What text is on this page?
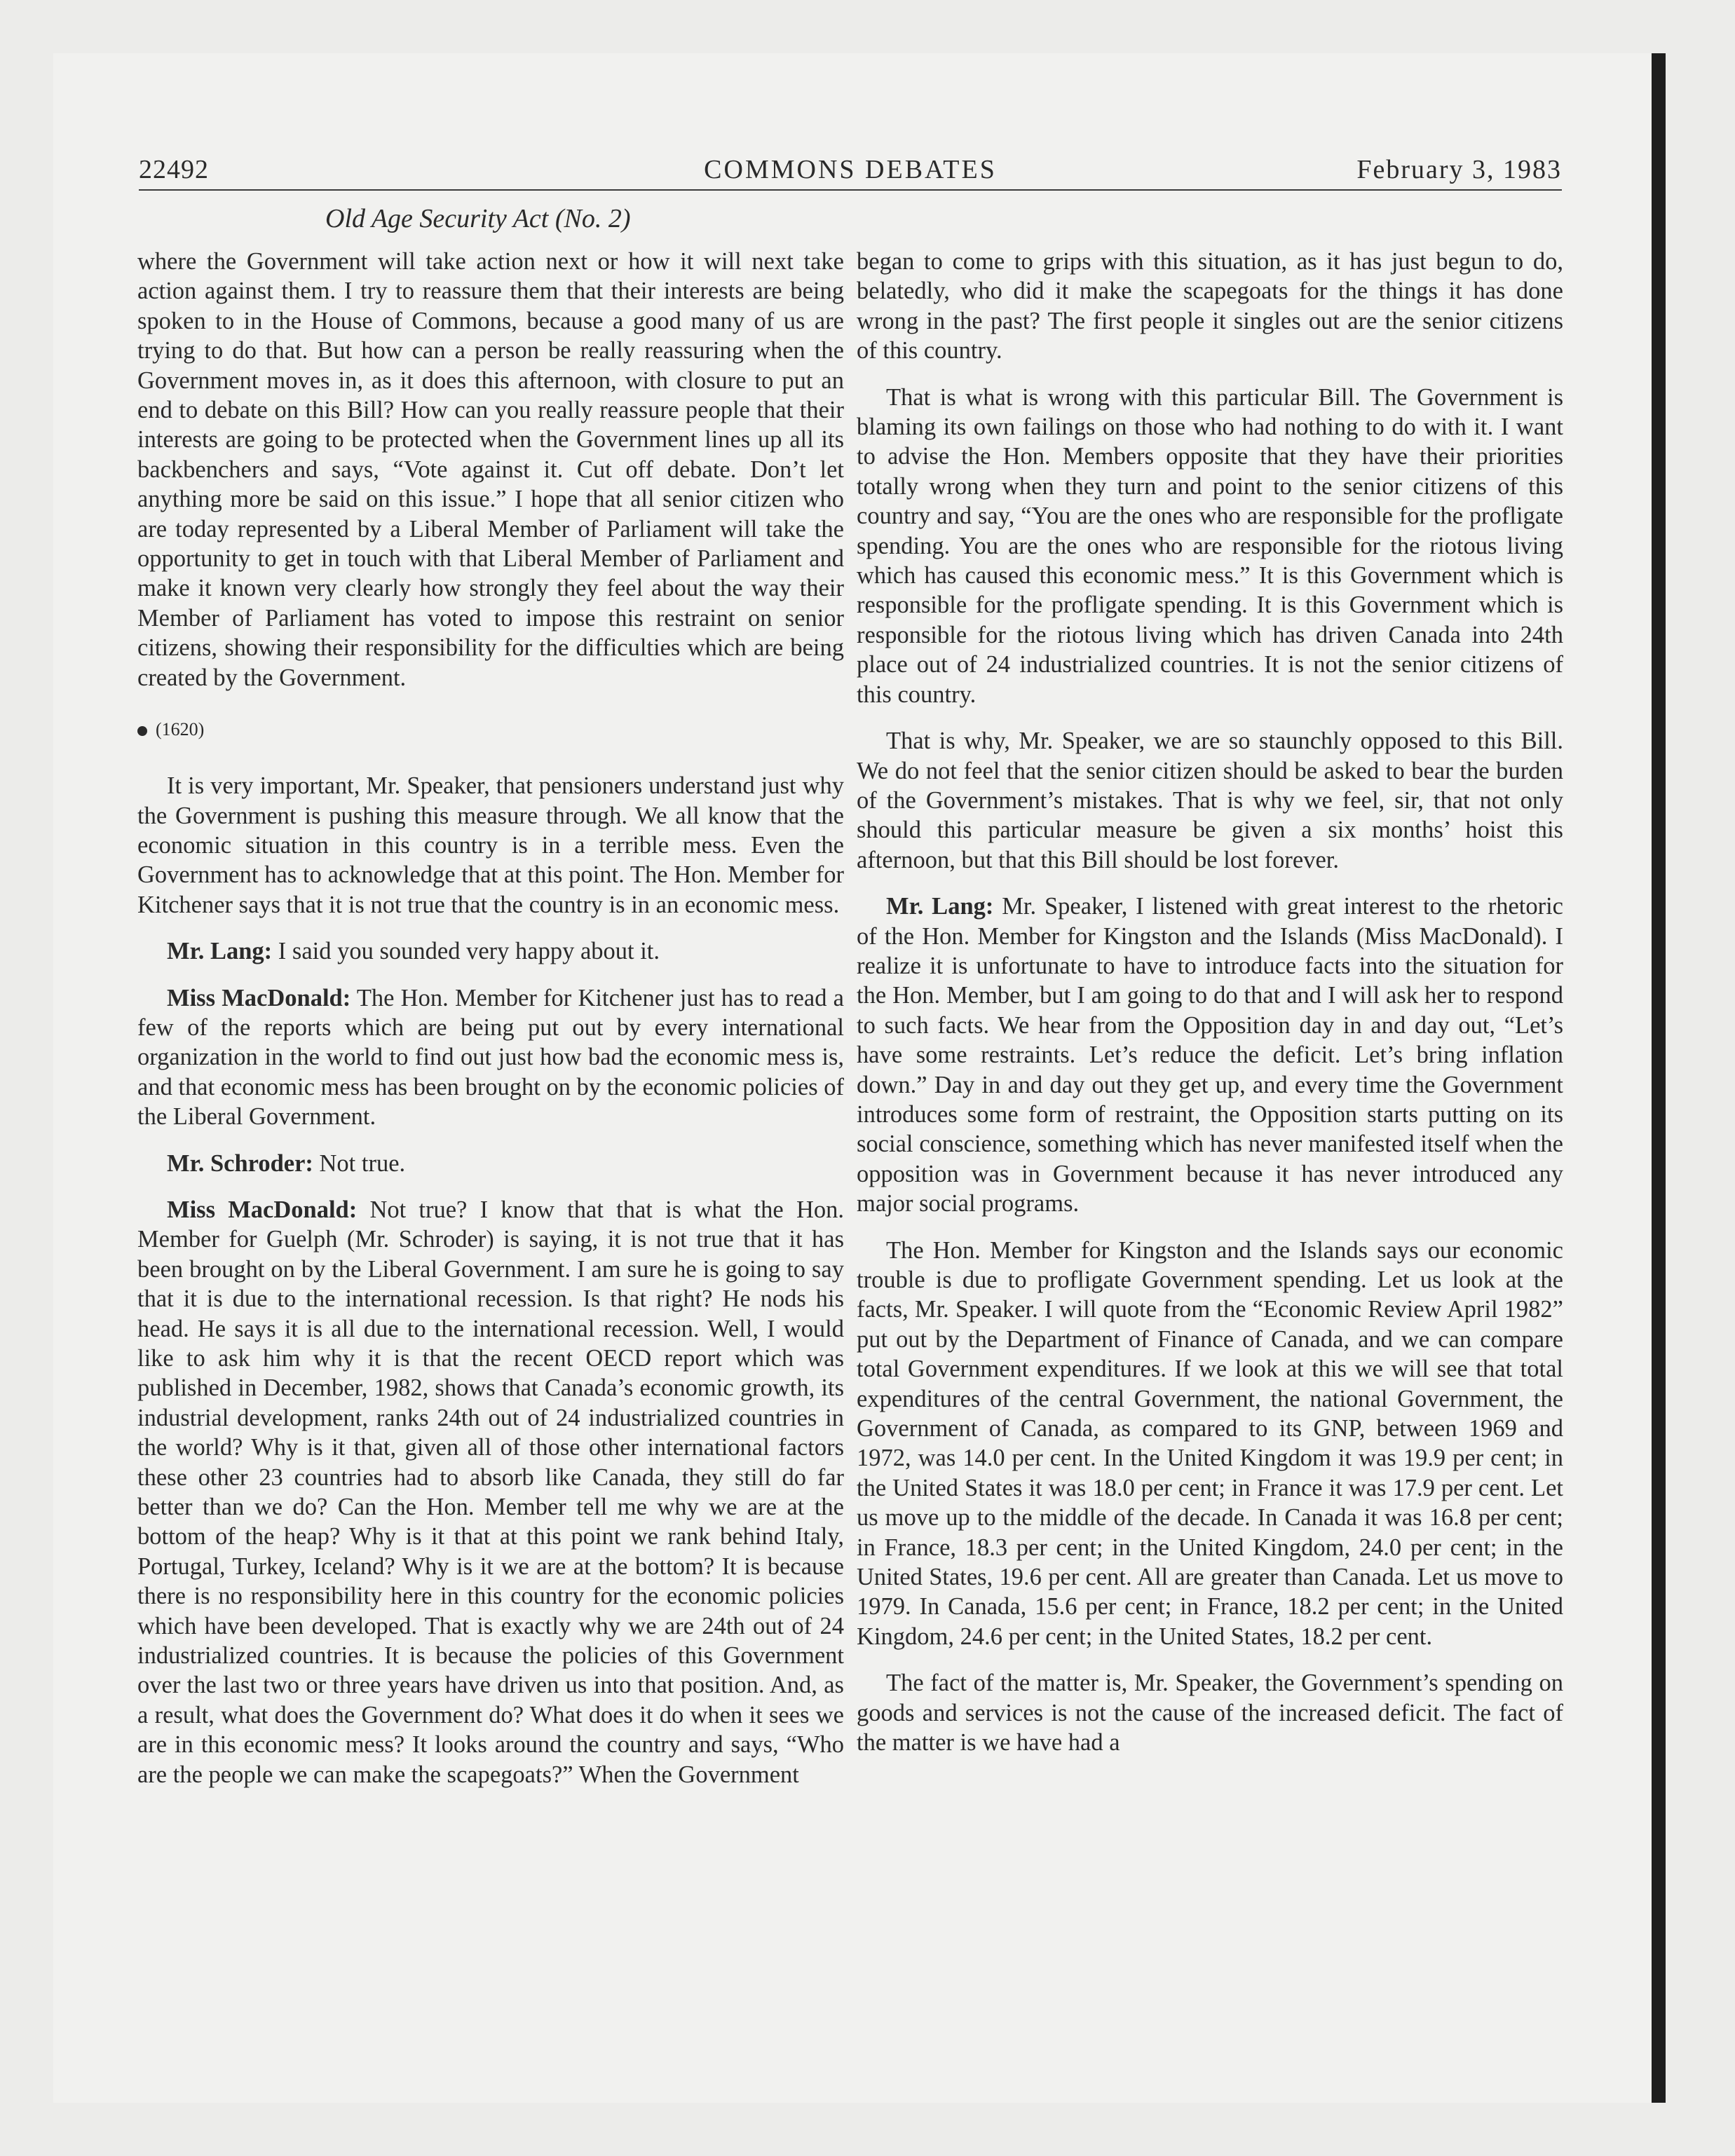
22492	COMMONS DEBATES	February 3, 1983
Old Age Security Act (No. 2)

where the Government will take action next or how it will next take action against them. I try to reassure them that their interests are being spoken to in the House of Commons, because a good many of us are trying to do that. But how can a person be really reassuring when the Government moves in, as it does this afternoon, with closure to put an end to debate on this Bill? How can you really reassure people that their interests are going to be protected when the Government lines up all its backbenchers and says, “Vote against it. Cut off debate. Don’t let anything more be said on this issue.” I hope that all senior citizen who are today represented by a Liberal Member of Parliament will take the opportunity to get in touch with that Liberal Member of Parliament and make it known very clearly how strongly they feel about the way their Member of Parliament has voted to impose this restraint on senior citizens, showing their responsibility for the difficulties which are being created by the Government.

(1620)

It is very important, Mr. Speaker, that pensioners understand just why the Government is pushing this measure through. We all know that the economic situation in this country is in a terrible mess. Even the Government has to acknowledge that at this point. The Hon. Member for Kitchener says that it is not true that the country is in an economic mess.

Mr. Lang: I said you sounded very happy about it.

Miss MacDonald: The Hon. Member for Kitchener just has to read a few of the reports which are being put out by every international organization in the world to find out just how bad the economic mess is, and that economic mess has been brought on by the economic policies of the Liberal Government.

Mr. Schroder: Not true.

Miss MacDonald: Not true? I know that that is what the Hon. Member for Guelph (Mr. Schroder) is saying, it is not true that it has been brought on by the Liberal Government. I am sure he is going to say that it is due to the international recession. Is that right? He nods his head. He says it is all due to the international recession. Well, I would like to ask him why it is that the recent OECD report which was published in December, 1982, shows that Canada’s economic growth, its industrial development, ranks 24th out of 24 industrialized countries in the world? Why is it that, given all of those other international factors these other 23 countries had to absorb like Canada, they still do far better than we do? Can the Hon. Member tell me why we are at the bottom of the heap? Why is it that at this point we rank behind Italy, Portugal, Turkey, Iceland? Why is it we are at the bottom? It is because there is no responsibility here in this country for the economic policies which have been developed. That is exactly why we are 24th out of 24 industrialized countries. It is because the policies of this Government over the last two or three years have driven us into that position. And, as a result, what does the Government do? What does it do when it sees we are in this economic mess? It looks around the country and says, “Who are the people we can make the scapegoats?” When the Government

began to come to grips with this situation, as it has just begun to do, belatedly, who did it make the scapegoats for the things it has done wrong in the past? The first people it singles out are the senior citizens of this country.

That is what is wrong with this particular Bill. The Government is blaming its own failings on those who had nothing to do with it. I want to advise the Hon. Members opposite that they have their priorities totally wrong when they turn and point to the senior citizens of this country and say, “You are the ones who are responsible for the profligate spending. You are the ones who are responsible for the riotous living which has caused this economic mess.” It is this Government which is responsible for the profligate spending. It is this Government which is responsible for the riotous living which has driven Canada into 24th place out of 24 industrialized countries. It is not the senior citizens of this country.

That is why, Mr. Speaker, we are so staunchly opposed to this Bill. We do not feel that the senior citizen should be asked to bear the burden of the Government’s mistakes. That is why we feel, sir, that not only should this particular measure be given a six months’ hoist this afternoon, but that this Bill should be lost forever.

Mr. Lang: Mr. Speaker, I listened with great interest to the rhetoric of the Hon. Member for Kingston and the Islands (Miss MacDonald). I realize it is unfortunate to have to introduce facts into the situation for the Hon. Member, but I am going to do that and I will ask her to respond to such facts. We hear from the Opposition day in and day out, “Let’s have some restraints. Let’s reduce the deficit. Let’s bring inflation down.” Day in and day out they get up, and every time the Government introduces some form of restraint, the Opposition starts putting on its social conscience, something which has never manifested itself when the opposition was in Government because it has never introduced any major social programs.

The Hon. Member for Kingston and the Islands says our economic trouble is due to profligate Government spending. Let us look at the facts, Mr. Speaker. I will quote from the “Economic Review April 1982” put out by the Department of Finance of Canada, and we can compare total Government expenditures. If we look at this we will see that total expenditures of the central Government, the national Government, the Government of Canada, as compared to its GNP, between 1969 and 1972, was 14.0 per cent. In the United Kingdom it was 19.9 per cent; in the United States it was 18.0 per cent; in France it was 17.9 per cent. Let us move up to the middle of the decade. In Canada it was 16.8 per cent; in France, 18.3 per cent; in the United Kingdom, 24.0 per cent; in the United States, 19.6 per cent. All are greater than Canada. Let us move to 1979. In Canada, 15.6 per cent; in France, 18.2 per cent; in the United Kingdom, 24.6 per cent; in the United States, 18.2 per cent.

The fact of the matter is, Mr. Speaker, the Government’s spending on goods and services is not the cause of the increased deficit. The fact of the matter is we have had a
